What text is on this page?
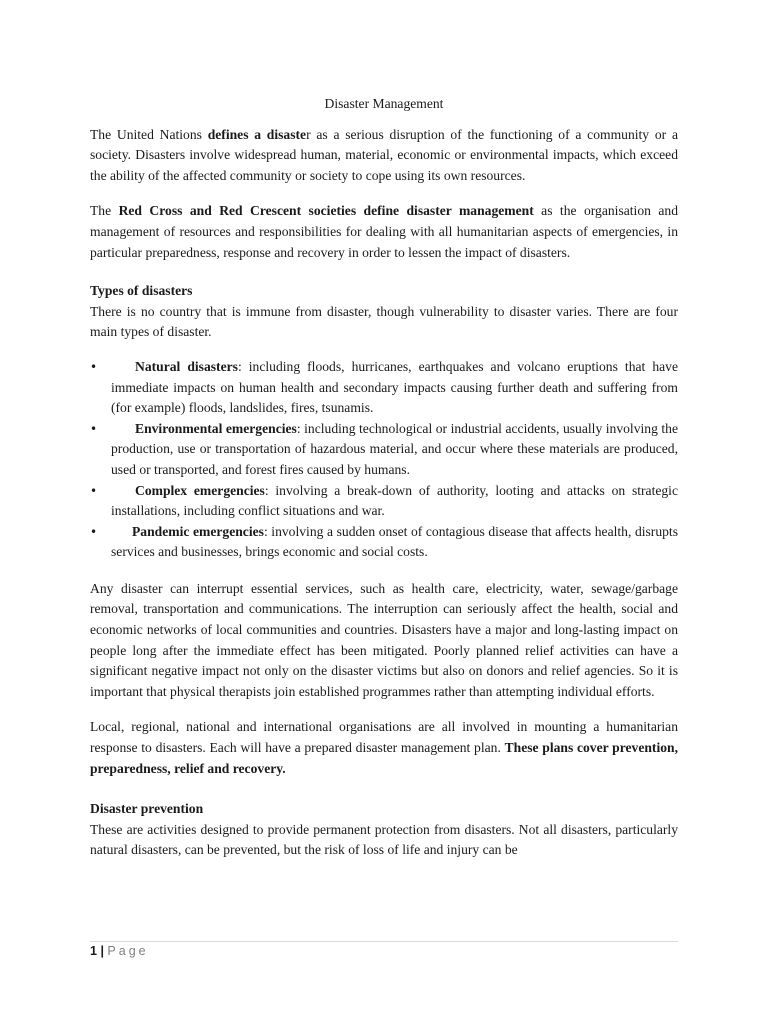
Disaster Management

The United Nations defines a disaster as a serious disruption of the functioning of a community or a society. Disasters involve widespread human, material, economic or environmental impacts, which exceed the ability of the affected community or society to cope using its own resources.

The Red Cross and Red Crescent societies define disaster management as the organisation and management of resources and responsibilities for dealing with all humanitarian aspects of emergencies, in particular preparedness, response and recovery in order to lessen the impact of disasters.

Types of disasters

There is no country that is immune from disaster, though vulnerability to disaster varies. There are four main types of disaster.

• Natural disasters: including floods, hurricanes, earthquakes and volcano eruptions that have immediate impacts on human health and secondary impacts causing further death and suffering from (for example) floods, landslides, fires, tsunamis.
• Environmental emergencies: including technological or industrial accidents, usually involving the production, use or transportation of hazardous material, and occur where these materials are produced, used or transported, and forest fires caused by humans.
• Complex emergencies: involving a break-down of authority, looting and attacks on strategic installations, including conflict situations and war.
• Pandemic emergencies: involving a sudden onset of contagious disease that affects health, disrupts services and businesses, brings economic and social costs.

Any disaster can interrupt essential services, such as health care, electricity, water, sewage/garbage removal, transportation and communications. The interruption can seriously affect the health, social and economic networks of local communities and countries. Disasters have a major and long-lasting impact on people long after the immediate effect has been mitigated. Poorly planned relief activities can have a significant negative impact not only on the disaster victims but also on donors and relief agencies. So it is important that physical therapists join established programmes rather than attempting individual efforts.

Local, regional, national and international organisations are all involved in mounting a humanitarian response to disasters. Each will have a prepared disaster management plan. These plans cover prevention, preparedness, relief and recovery.

Disaster prevention

These are activities designed to provide permanent protection from disasters. Not all disasters, particularly natural disasters, can be prevented, but the risk of loss of life and injury can be

1 | Page
